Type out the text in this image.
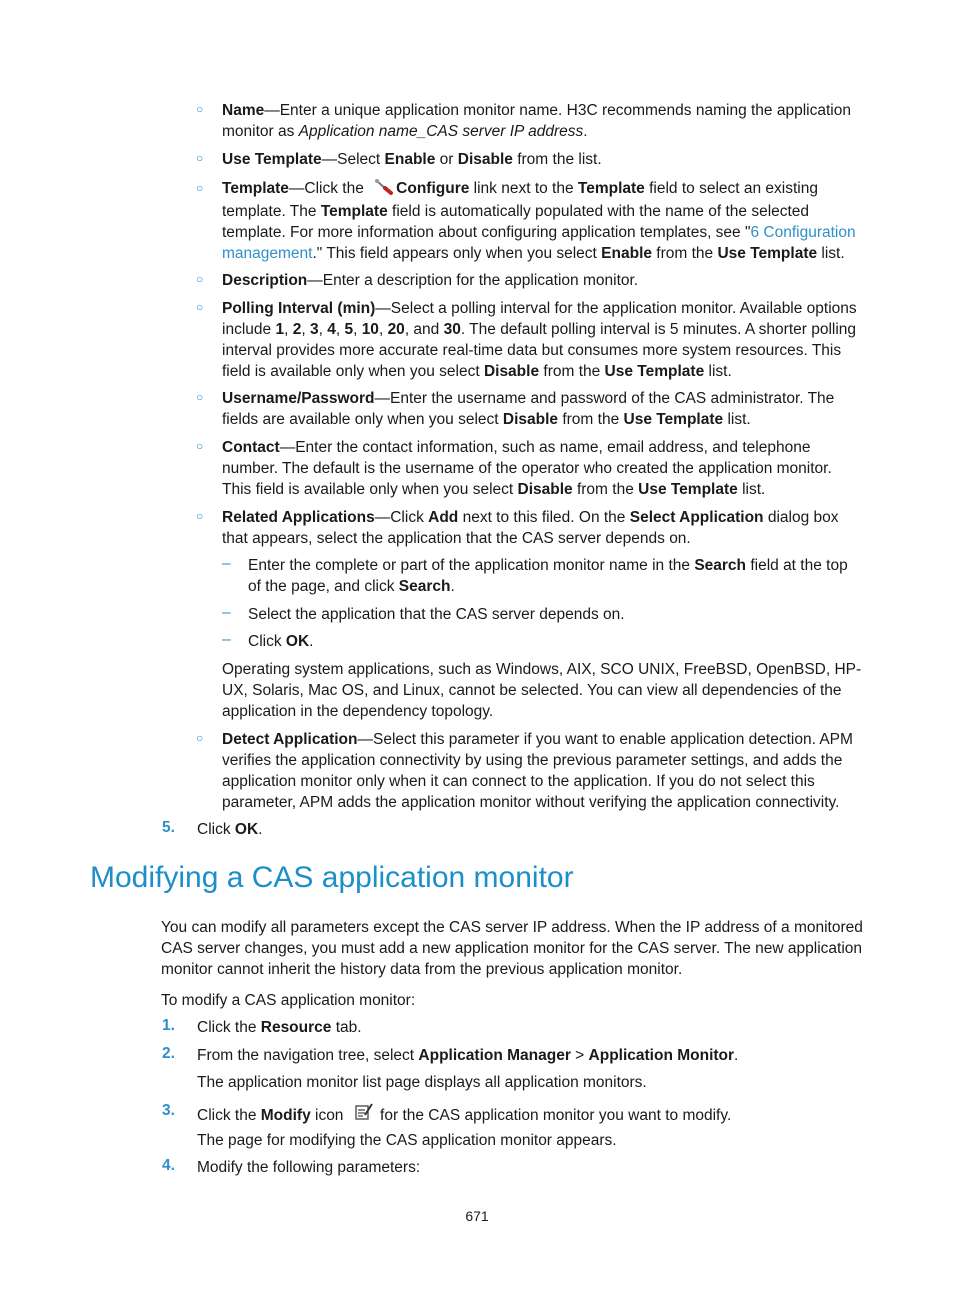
○ Name—Enter a unique application monitor name. H3C recommends naming the application monitor as Application name_CAS server IP address.
○ Use Template—Select Enable or Disable from the list.
○ Template—Click the Configure link next to the Template field to select an existing template. The Template field is automatically populated with the name of the selected template. For more information about configuring application templates, see "6 Configuration management." This field appears only when you select Enable from the Use Template list.
○ Description—Enter a description for the application monitor.
○ Polling Interval (min)—Select a polling interval for the application monitor. Available options include 1, 2, 3, 4, 5, 10, 20, and 30. The default polling interval is 5 minutes. A shorter polling interval provides more accurate real-time data but consumes more system resources. This field is available only when you select Disable from the Use Template list.
○ Username/Password—Enter the username and password of the CAS administrator. The fields are available only when you select Disable from the Use Template list.
○ Contact—Enter the contact information, such as name, email address, and telephone number. The default is the username of the operator who created the application monitor. This field is available only when you select Disable from the Use Template list.
○ Related Applications—Click Add next to this filed. On the Select Application dialog box that appears, select the application that the CAS server depends on.
– Enter the complete or part of the application monitor name in the Search field at the top of the page, and click Search.
– Select the application that the CAS server depends on.
– Click OK.
Operating system applications, such as Windows, AIX, SCO UNIX, FreeBSD, OpenBSD, HP-UX, Solaris, Mac OS, and Linux, cannot be selected. You can view all dependencies of the application in the dependency topology.
○ Detect Application—Select this parameter if you want to enable application detection. APM verifies the application connectivity by using the previous parameter settings, and adds the application monitor only when it can connect to the application. If you do not select this parameter, APM adds the application monitor without verifying the application connectivity.
5. Click OK.
Modifying a CAS application monitor
You can modify all parameters except the CAS server IP address. When the IP address of a monitored CAS server changes, you must add a new application monitor for the CAS server. The new application monitor cannot inherit the history data from the previous application monitor.
To modify a CAS application monitor:
1. Click the Resource tab.
2. From the navigation tree, select Application Manager > Application Monitor.
The application monitor list page displays all application monitors.
3. Click the Modify icon  for the CAS application monitor you want to modify.
The page for modifying the CAS application monitor appears.
4. Modify the following parameters:
671
